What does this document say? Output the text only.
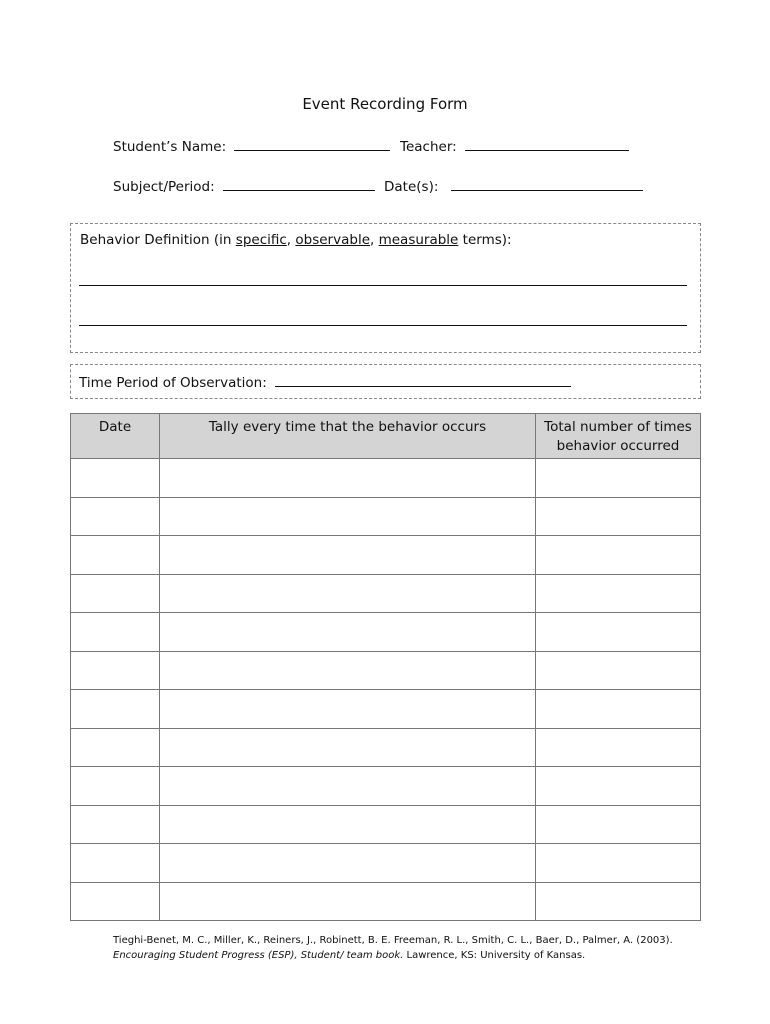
Event Recording Form
Student’s Name:	Teacher:
Subject/Period:	Date(s):
Behavior Definition (in specific, observable, measurable terms):
Time Period of Observation:
Date	Tally every time that the behavior occurs	Total number of times behavior occurred

Tieghi-Benet, M. C., Miller, K., Reiners, J., Robinett, B. E. Freeman, R. L., Smith, C. L., Baer, D., Palmer, A. (2003).
Encouraging Student Progress (ESP), Student/ team book. Lawrence, KS: University of Kansas.
